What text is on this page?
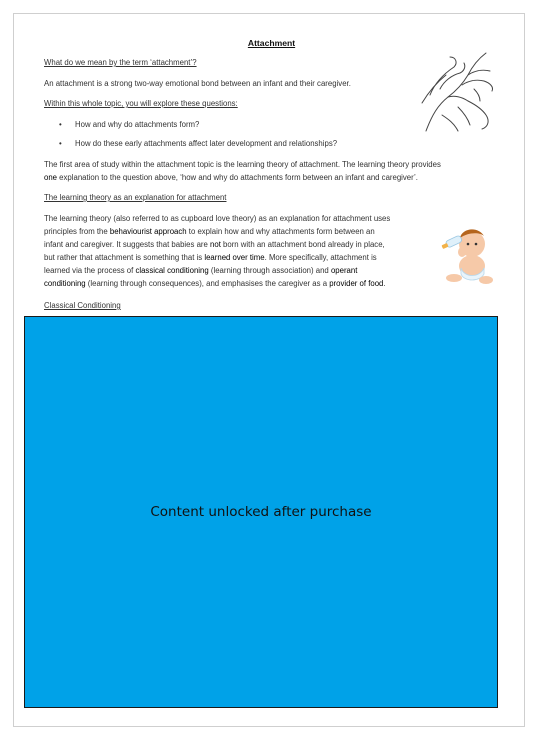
Attachment

What do we mean by the term ‘attachment’?

An attachment is a strong two-way emotional bond between an infant and their caregiver.

Within this whole topic, you will explore these questions:

• How and why do attachments form?
• How do these early attachments affect later development and relationships?

The first area of study within the attachment topic is the learning theory of attachment. The learning theory provides

one explanation to the question above, ‘how and why do attachments form between an infant and caregiver’.

The learning theory as an explanation for attachment

The learning theory (also referred to as cupboard love theory) as an explanation for attachment uses

principles from the behaviourist approach to explain how and why attachments form between an

infant and caregiver. It suggests that babies are not born with an attachment bond already in place,

but rather that attachment is something that is learned over time. More specifically, attachment is

learned via the process of classical conditioning (learning through association) and operant

conditioning (learning through consequences), and emphasises the caregiver as a provider of food.

Classical Conditioning

Content unlocked after purchase
